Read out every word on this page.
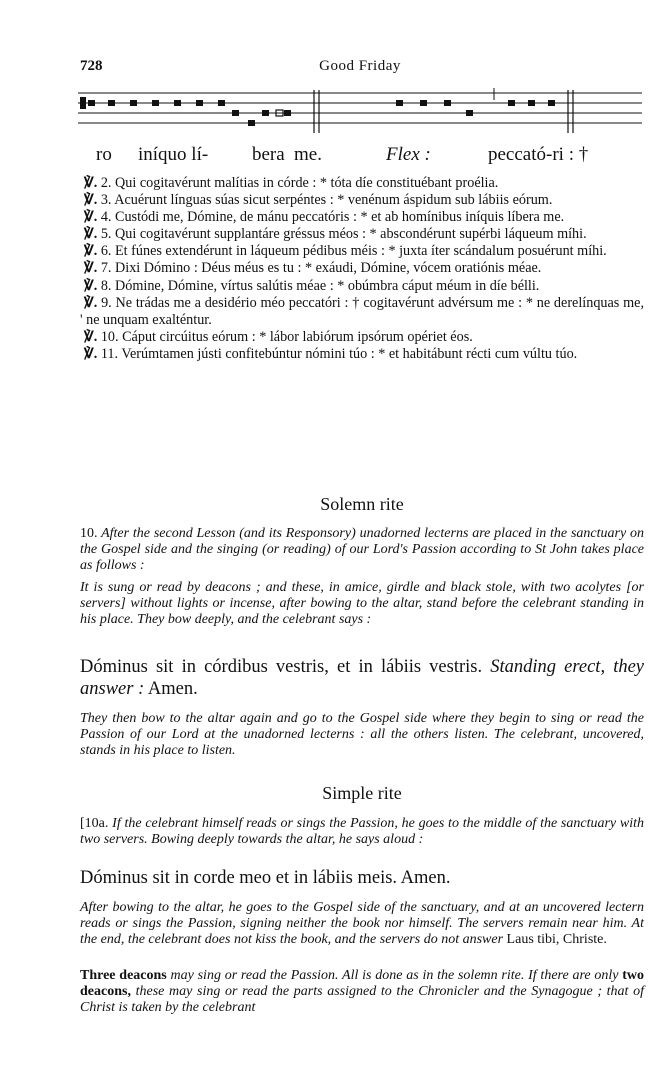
728	Good Friday
ro iníquo lí- bera me.	Flex :	peccató-ri : †

℣. 2. Qui cogitavérunt malítias in córde : * tóta díe constituébant proélia.

℣. 3. Acuérunt línguas súas sicut serpéntes : * venénum áspidum sub lábiis eórum.

℣. 4. Custódi me, Dómine, de mánu peccatóris : * et ab homínibus iníquis líbera me.

℣. 5. Qui cogitavérunt supplantáre gréssus méos : * abscondérunt supérbi láqueum míhi.

℣. 6. Et fúnes extendérunt in láqueum pédibus méis : * juxta íter scándalum posuérunt míhi.

℣. 7. Dixi Dómino : Déus méus es tu : * exáudi, Dómine, vócem oratiónis méae.

℣. 8. Dómine, Dómine, vírtus salútis méae : * obúmbra cáput méum in díe bélli.

℣. 9. Ne trádas me a desidério méo peccatóri : † cogitavérunt advérsum me : * ne derelínquas me, ' ne unquam exalténtur.

℣. 10. Cáput circúitus eórum : * lábor labiórum ipsórum opériet éos.

℣. 11. Verúmtamen jústi confitebúntur nómini túo : * et habitábunt récti cum vúltu túo.

Solemn rite
10. After the second Lesson (and its Responsory) unadorned lecterns are placed in the sanctuary on the Gospel side and the singing (or reading) of our Lord's Passion according to St John takes place as follows :
It is sung or read by deacons ; and these, in amice, girdle and black stole, with two acolytes [or servers] without lights or incense, after bowing to the altar, stand before the celebrant standing in his place. They bow deeply, and the celebrant says :
Dóminus sit in córdibus vestris, et in lábiis vestris. Standing erect, they answer : Amen.
They then bow to the altar again and go to the Gospel side where they begin to sing or read the Passion of our Lord at the unadorned lecterns : all the others listen. The celebrant, uncovered, stands in his place to listen.
Simple rite
[10a. If the celebrant himself reads or sings the Passion, he goes to the middle of the sanctuary with two servers. Bowing deeply towards the altar, he says aloud :
Dóminus sit in corde meo et in lábiis meis. Amen.
After bowing to the altar, he goes to the Gospel side of the sanctuary, and at an uncovered lectern reads or sings the Passion, signing neither the book nor himself. The servers remain near him. At the end, the celebrant does not kiss the book, and the servers do not answer Laus tibi, Christe.
Three deacons may sing or read the Passion. All is done as in the solemn rite. If there are only two deacons, these may sing or read the parts assigned to the Chronicler and the Synagogue ; that of Christ is taken by the celebrant
